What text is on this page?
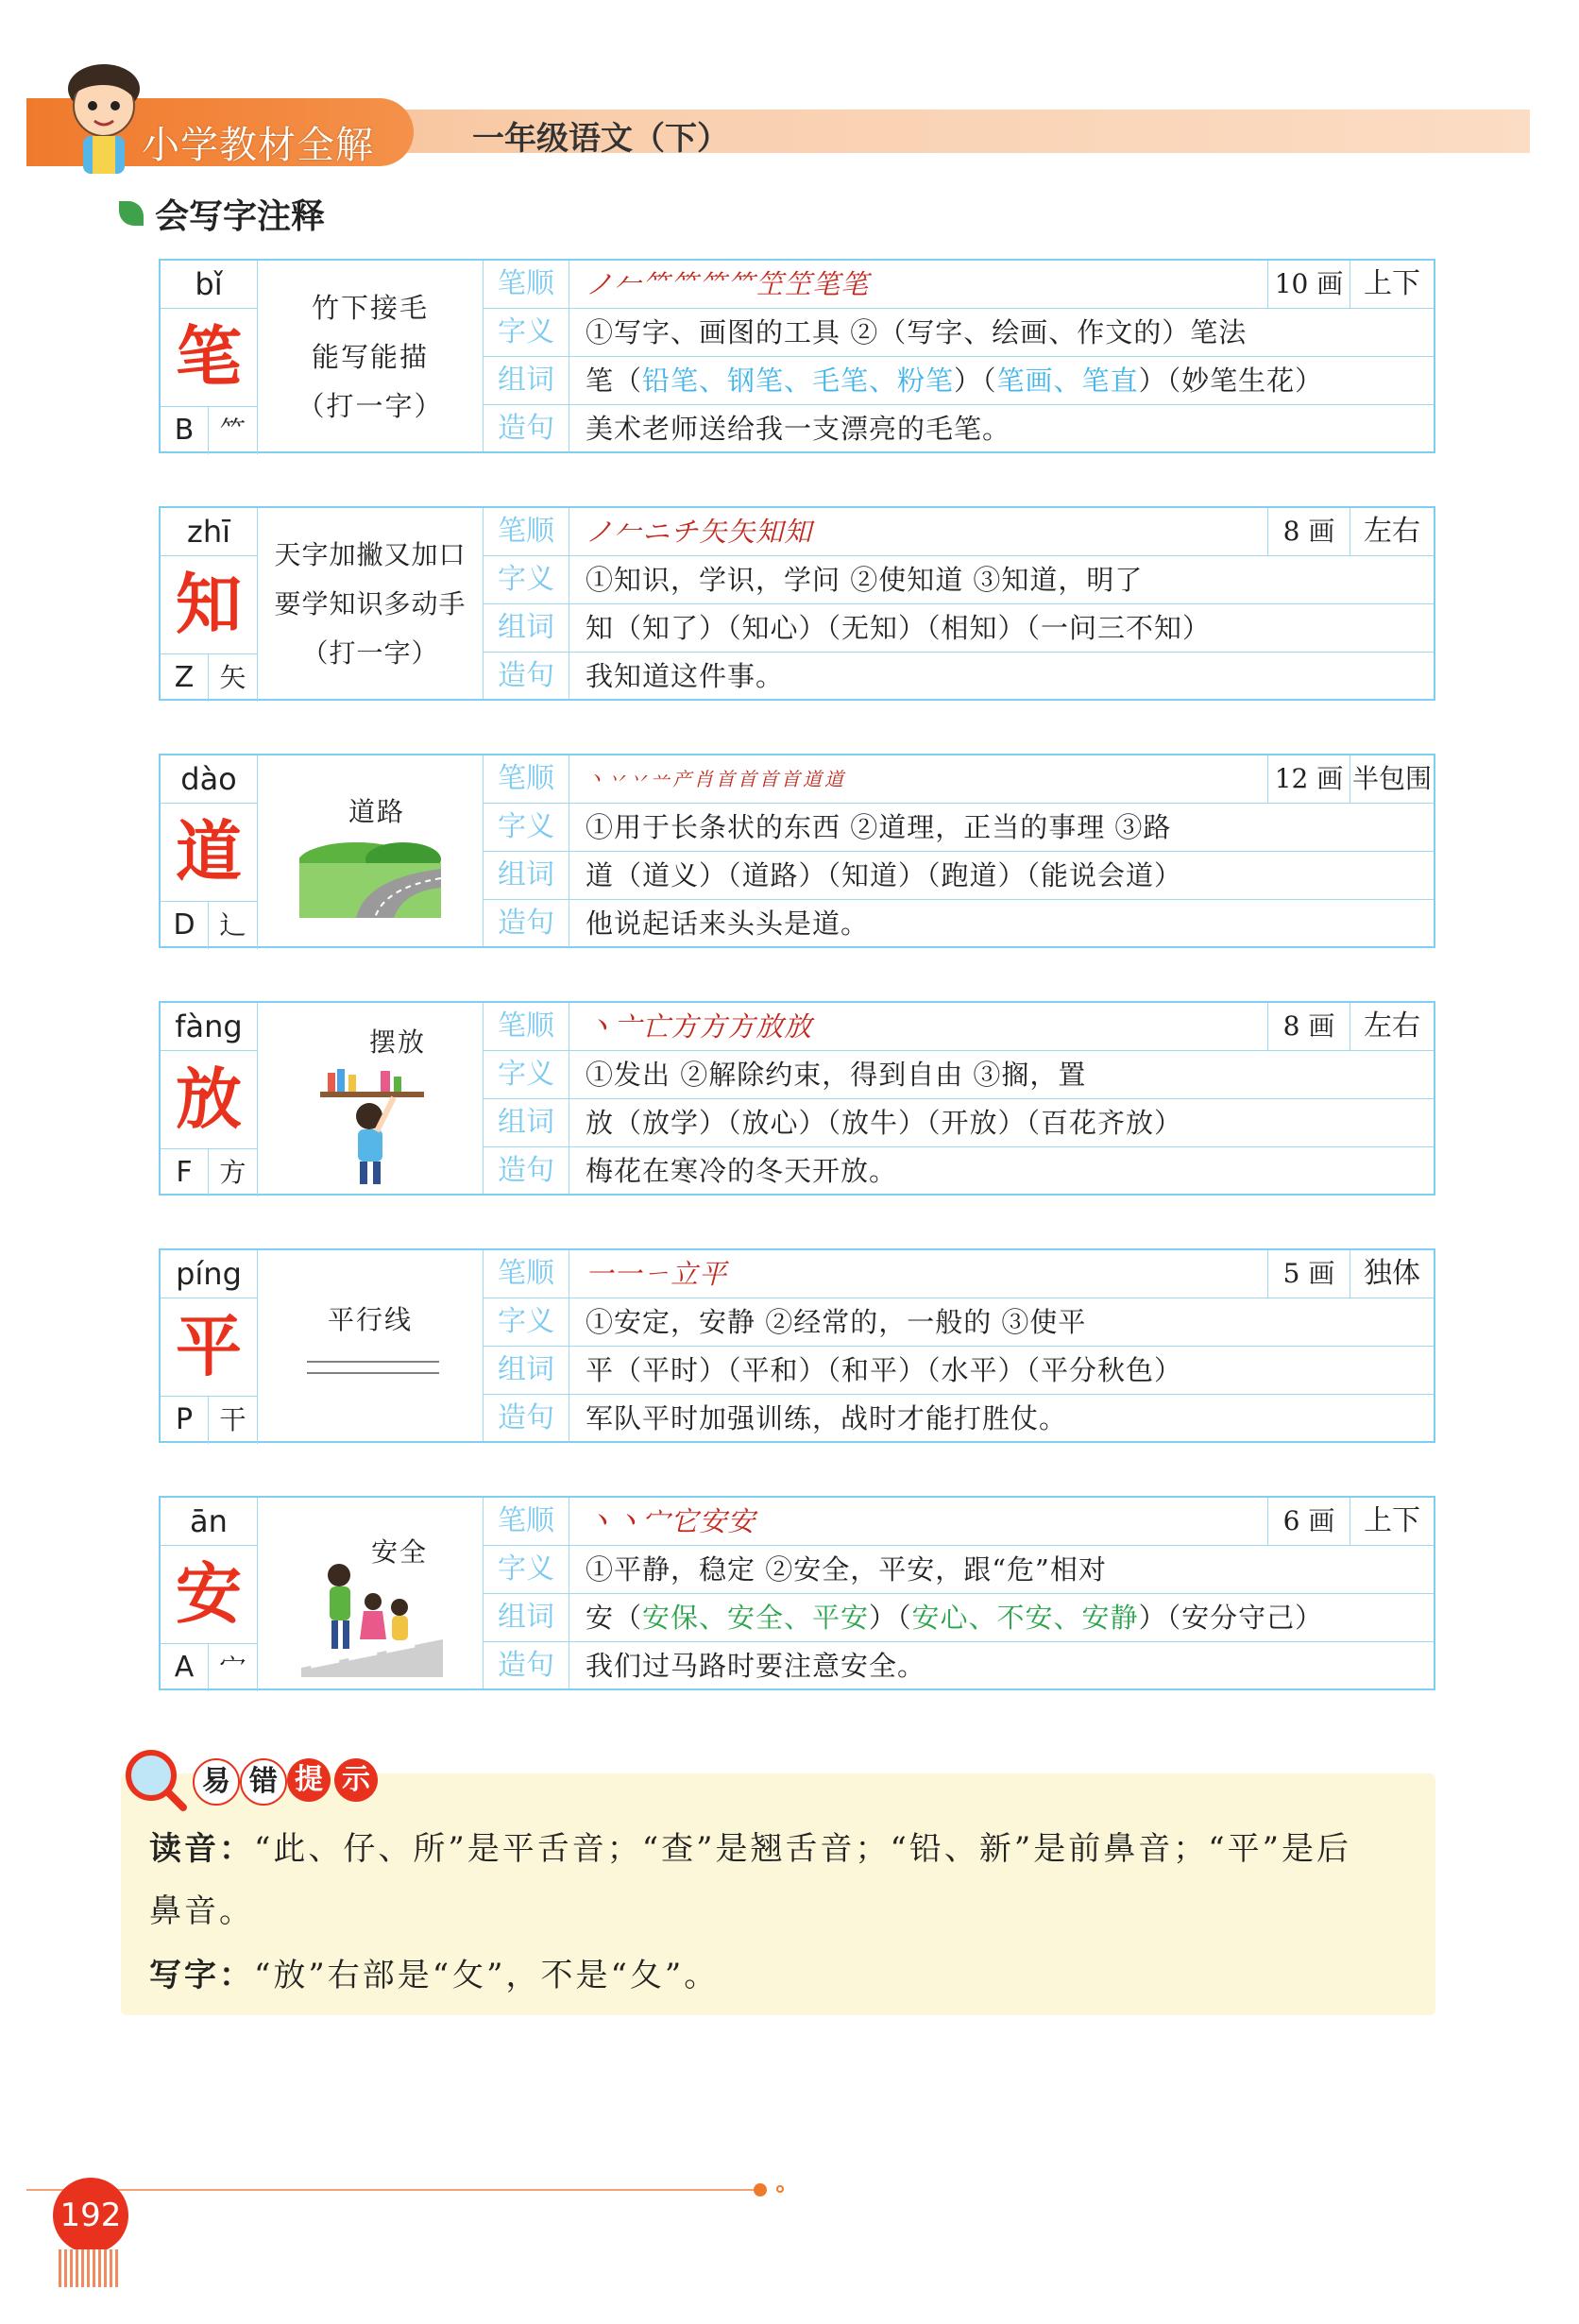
小学教材全解	一年级语文（下）
会写字注释
bǐ
笔
B ⺮
竹下接毛
能写能描
（打一字）
笔顺	ノ𠂉⺮⺮⺮⺮笁笁笔笔	10 画 上下
字义	①写字、画图的工具 ②（写字、绘画、作文的）笔法
组词	笔（铅笔、钢笔、毛笔、粉笔）（笔画、笔直）（妙笔生花）
造句	美术老师送给我一支漂亮的毛笔。
zhī
知
Z 矢
天字加撇又加口
要学知识多动手
（打一字）
笔顺	ノ𠂉ニチ矢矢知知	8 画	左右
字义	①知识，学识，学问 ②使知道 ③知道，明了
组词	知（知了）（知心）（无知）（相知）（一问三不知）
造句	我知道这件事。
dào
道
D 辶
道路
笔顺	丶丷丷䒑产肖首首首首道道	12 画 半包围
字义	①用于长条状的东西 ②道理，正当的事理 ③路
组词	道（道义）（道路）（知道）（跑道）（能说会道）
造句	他说起话来头头是道。
fàng
放
F	方
摆放	笔顺	丶亠亡方方方放放	8 画	左右
字义	①发出 ②解除约束，得到自由 ③搁，置
组词	放（放学）（放心）（放牛）（开放）（百花齐放）
造句	梅花在寒冷的冬天开放。
píng
平
P	干
平行线
笔顺	一一ㄧ立平	5 画	独体
字义	①安定，安静 ②经常的，一般的 ③使平
组词	平（平时）（平和）（和平）（水平）（平分秋色）
造句	军队平时加强训练，战时才能打胜仗。
ān
安
A 宀
安全
笔顺	丶丶宀它安安	6 画	上下
字义	①平静，稳定 ②安全，平安，跟“危”相对
组词	安（安保、安全、平安）（安心、不安、安静）（安分守己）
造句	我们过马路时要注意安全。
易 错 提 示
读音：“此、仔、所”是平舌音；“查”是翘舌音；“铅、新”是前鼻音；“平”是后
鼻音。
写字：“放”右部是“攵”，不是“夂”。
192
